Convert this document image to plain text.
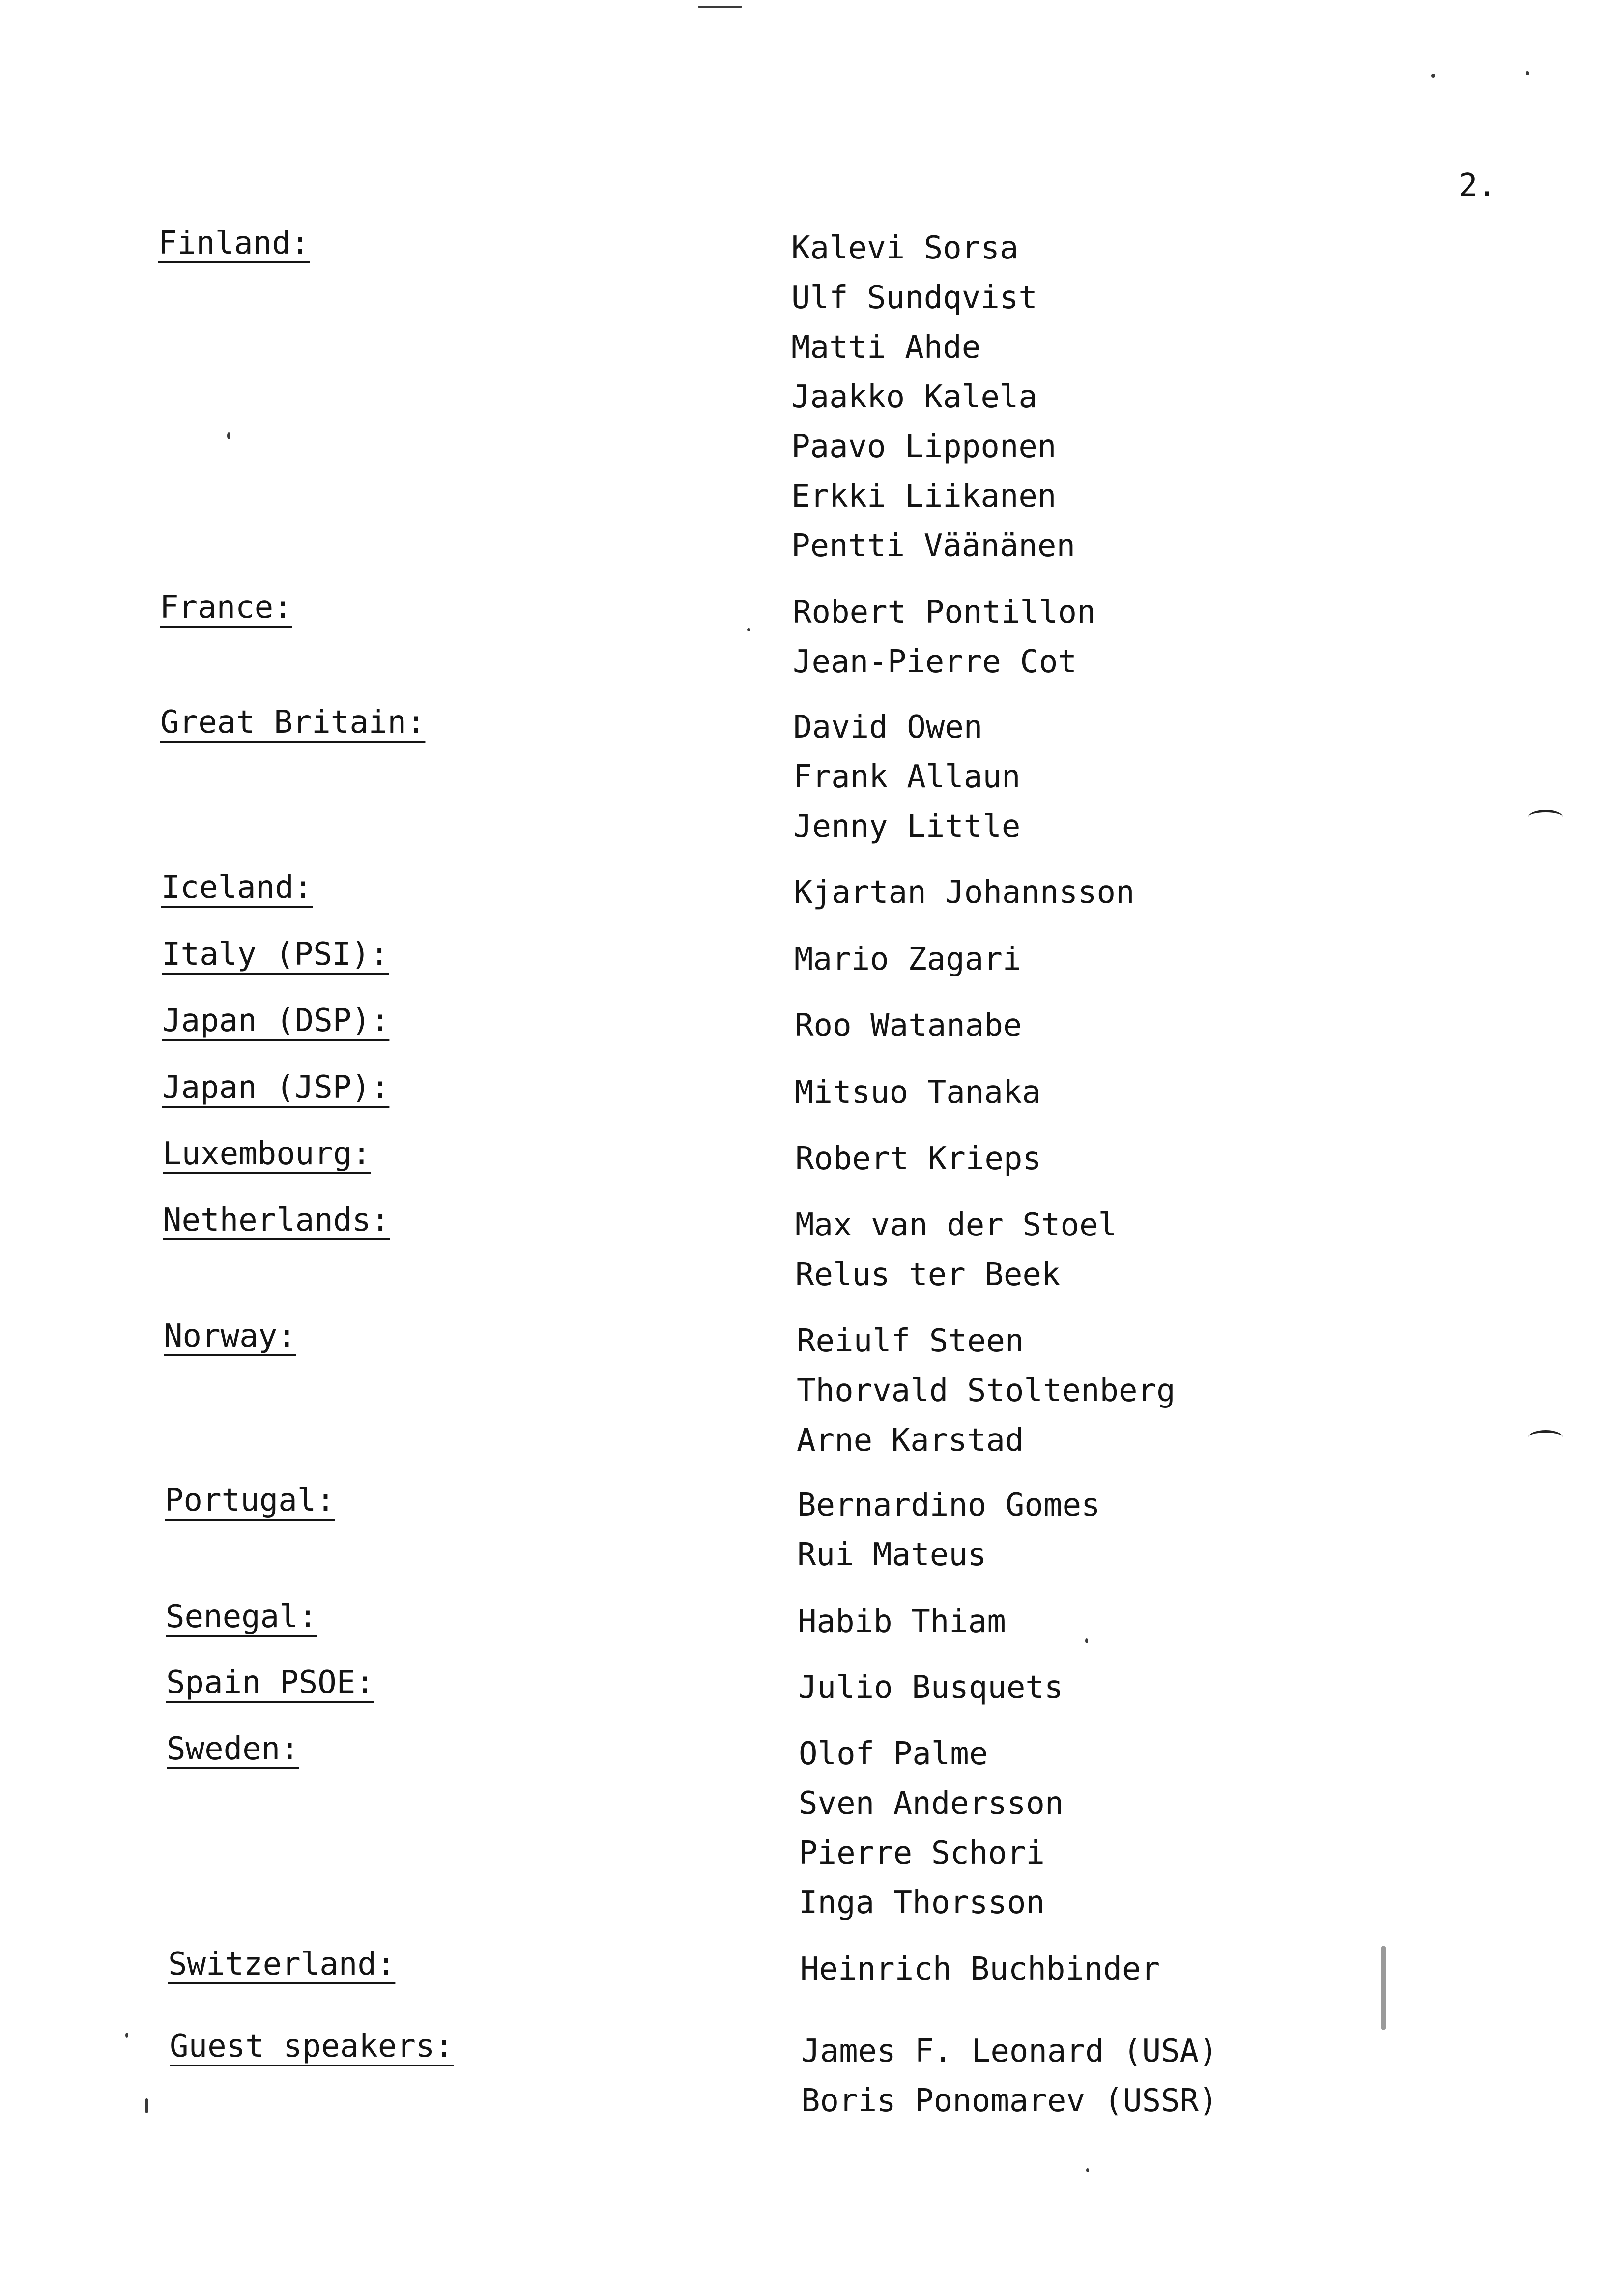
2.
Finland:	Kalevi Sorsa
Ulf Sundqvist
Matti Ahde
Jaakko Kalela
Paavo Lipponen
Erkki Liikanen
Pentti Väänänen
France:	Robert Pontillon
Jean-Pierre Cot
Great Britain:	David Owen
Frank Allaun
Jenny Little
Iceland:	Kjartan Johannsson
Italy (PSI):	Mario Zagari
Japan (DSP):	Roo Watanabe
Japan (JSP):	Mitsuo Tanaka
Luxembourg:	Robert Krieps
Netherlands:	Max van der Stoel
Relus ter Beek
Norway:	Reiulf Steen
Thorvald Stoltenberg
Arne Karstad
Portugal:	Bernardino Gomes
Rui Mateus
Senegal:	Habib Thiam
Spain PSOE:	Julio Busquets
Sweden:	Olof Palme
Sven Andersson
Pierre Schori
Inga Thorsson
Switzerland:	Heinrich Buchbinder
Guest speakers:	James F. Leonard (USA)
Boris Ponomarev (USSR)
